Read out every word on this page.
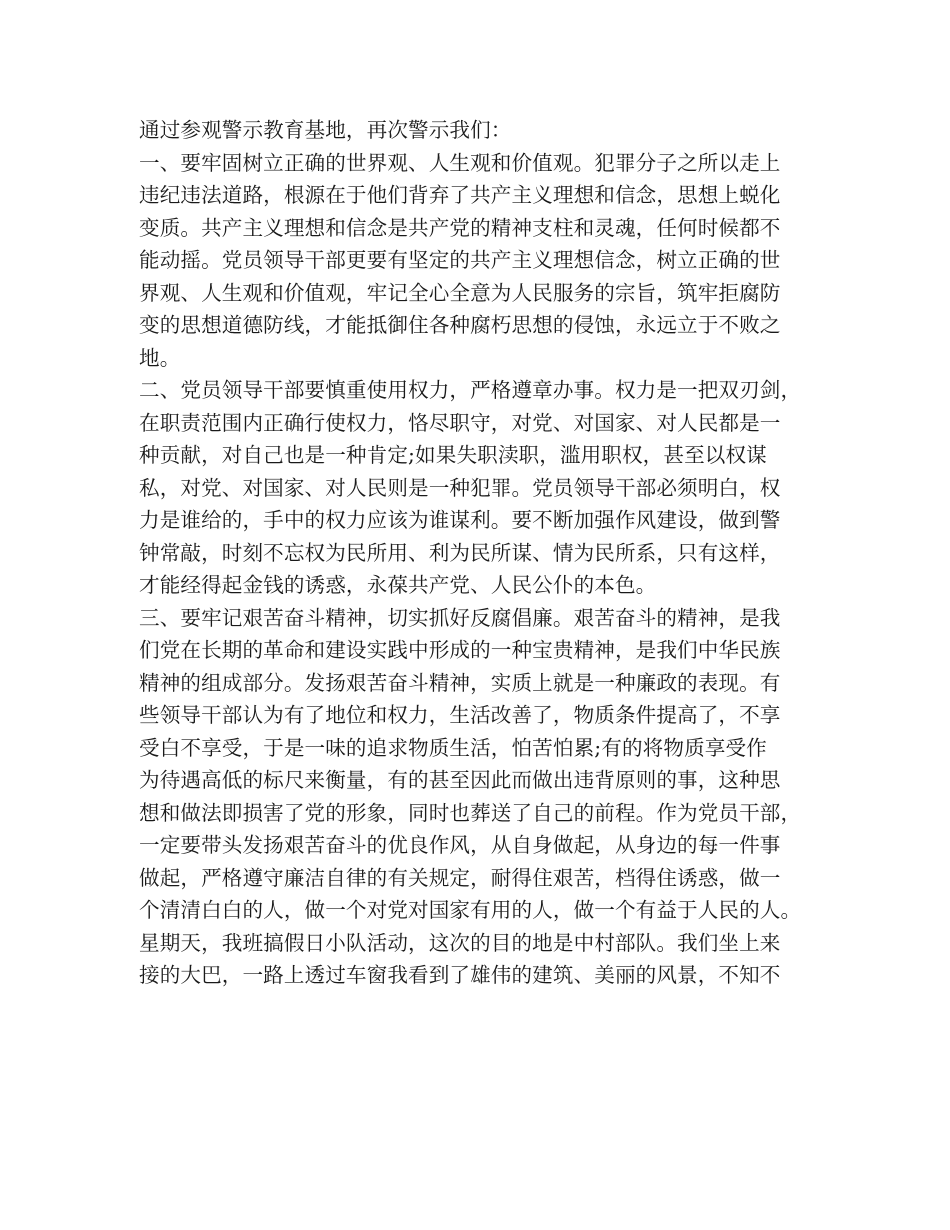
通过参观警示教育基地，再次警示我们：
一、要牢固树立正确的世界观、人生观和价值观。犯罪分子之所以走上
违纪违法道路，根源在于他们背弃了共产主义理想和信念，思想上蜕化
变质。共产主义理想和信念是共产党的精神支柱和灵魂，任何时候都不
能动摇。党员领导干部更要有坚定的共产主义理想信念，树立正确的世
界观、人生观和价值观，牢记全心全意为人民服务的宗旨，筑牢拒腐防
变的思想道德防线，才能抵御住各种腐朽思想的侵蚀，永远立于不败之
地。
二、党员领导干部要慎重使用权力，严格遵章办事。权力是一把双刃剑，
在职责范围内正确行使权力，恪尽职守，对党、对国家、对人民都是一
种贡献，对自己也是一种肯定;如果失职渎职，滥用职权，甚至以权谋
私，对党、对国家、对人民则是一种犯罪。党员领导干部必须明白，权
力是谁给的，手中的权力应该为谁谋利。要不断加强作风建设，做到警
钟常敲，时刻不忘权为民所用、利为民所谋、情为民所系，只有这样，
才能经得起金钱的诱惑，永葆共产党、人民公仆的本色。
三、要牢记艰苦奋斗精神，切实抓好反腐倡廉。艰苦奋斗的精神，是我
们党在长期的革命和建设实践中形成的一种宝贵精神，是我们中华民族
精神的组成部分。发扬艰苦奋斗精神，实质上就是一种廉政的表现。有
些领导干部认为有了地位和权力，生活改善了，物质条件提高了，不享
受白不享受，于是一味的追求物质生活，怕苦怕累;有的将物质享受作
为待遇高低的标尺来衡量，有的甚至因此而做出违背原则的事，这种思
想和做法即损害了党的形象，同时也葬送了自己的前程。作为党员干部，
一定要带头发扬艰苦奋斗的优良作风，从自身做起，从身边的每一件事
做起，严格遵守廉洁自律的有关规定，耐得住艰苦，档得住诱惑，做一
个清清白白的人，做一个对党对国家有用的人，做一个有益于人民的人。
星期天，我班搞假日小队活动，这次的目的地是中村部队。我们坐上来
接的大巴，一路上透过车窗我看到了雄伟的建筑、美丽的风景，不知不
